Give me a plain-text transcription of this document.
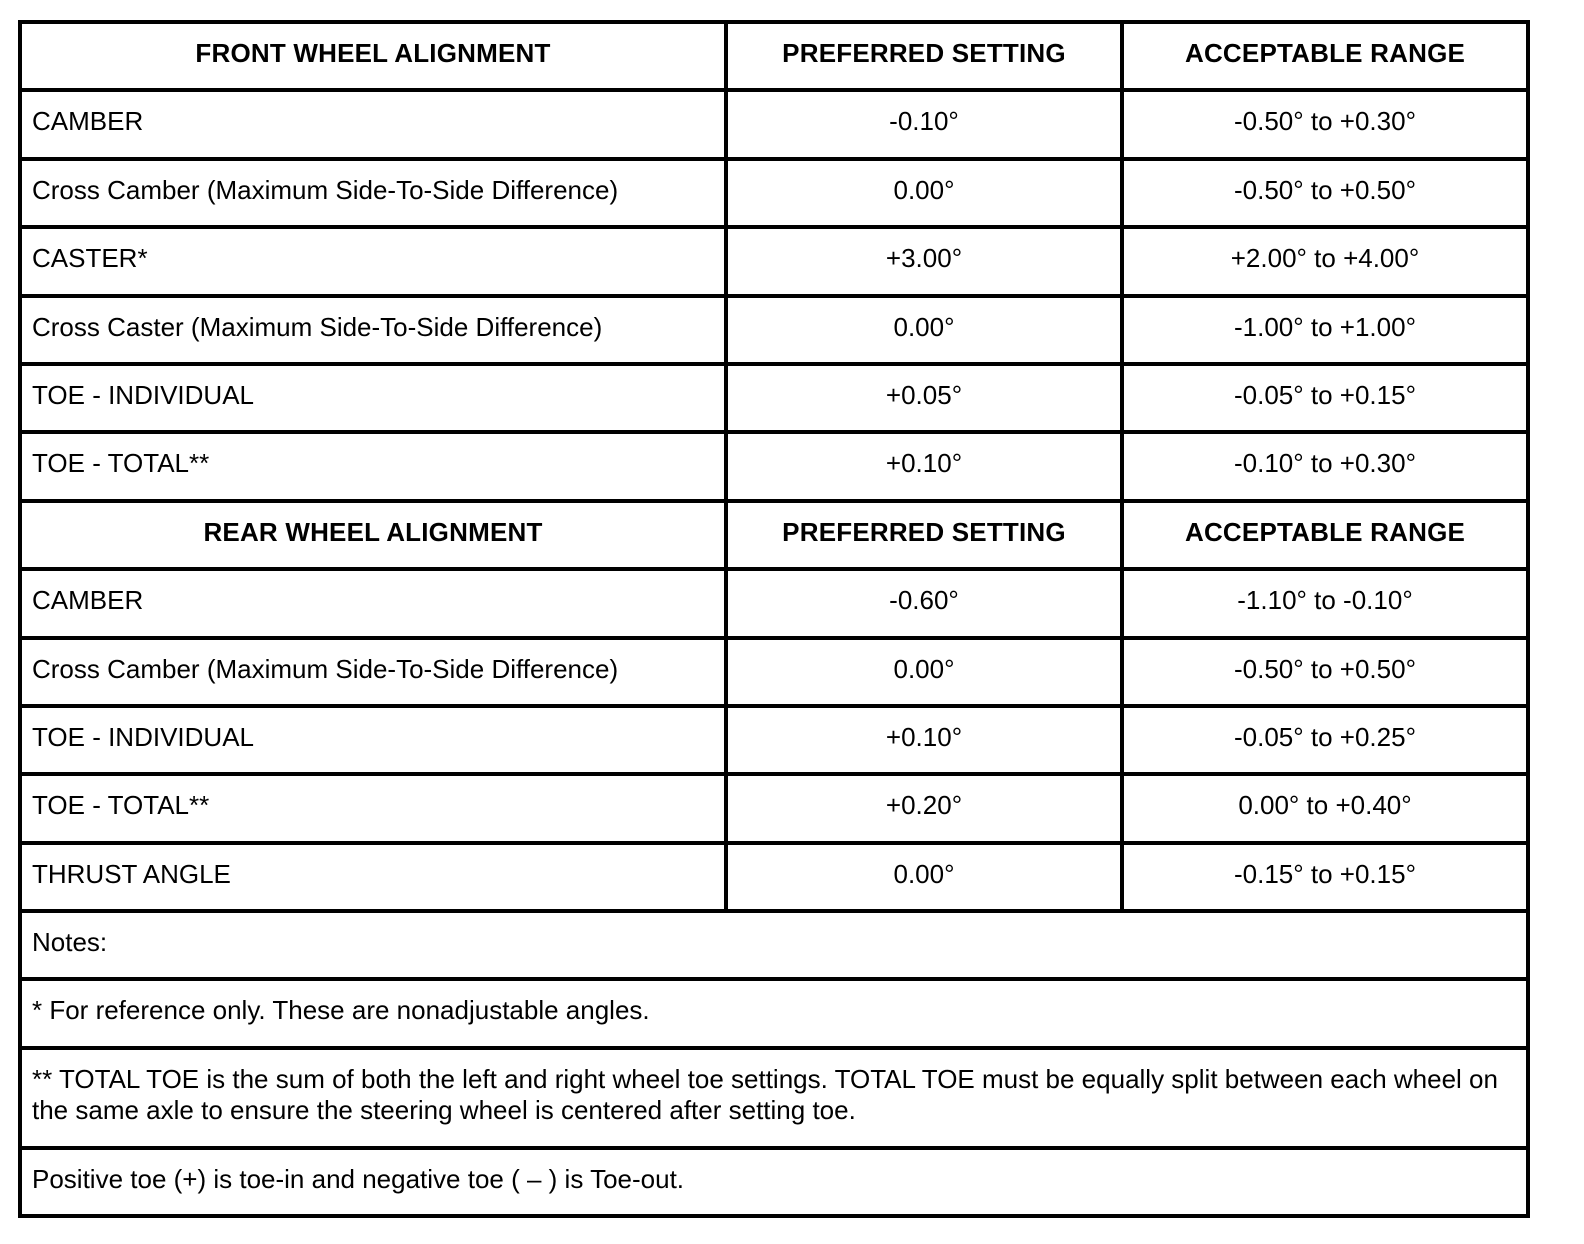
FRONT WHEEL ALIGNMENT	PREFERRED SETTING	ACCEPTABLE RANGE
CAMBER	-0.10°	-0.50° to +0.30°
Cross Camber (Maximum Side-To-Side Difference)	0.00°	-0.50° to +0.50°
CASTER*	+3.00°	+2.00° to +4.00°
Cross Caster (Maximum Side-To-Side Difference)	0.00°	-1.00° to +1.00°
TOE - INDIVIDUAL	+0.05°	-0.05° to +0.15°
TOE - TOTAL**	+0.10°	-0.10° to +0.30°
REAR WHEEL ALIGNMENT	PREFERRED SETTING	ACCEPTABLE RANGE
CAMBER	-0.60°	-1.10° to -0.10°
Cross Camber (Maximum Side-To-Side Difference)	0.00°	-0.50° to +0.50°
TOE - INDIVIDUAL	+0.10°	-0.05° to +0.25°
TOE - TOTAL**	+0.20°	0.00° to +0.40°
THRUST ANGLE	0.00°	-0.15° to +0.15°
Notes:		
* For reference only. These are nonadjustable angles.		
** TOTAL TOE is the sum of both the left and right wheel toe settings. TOTAL TOE must be equally split between each wheel on the same axle to ensure the steering wheel is centered after setting toe.		
Positive toe (+) is toe-in and negative toe ( – ) is Toe-out.		
